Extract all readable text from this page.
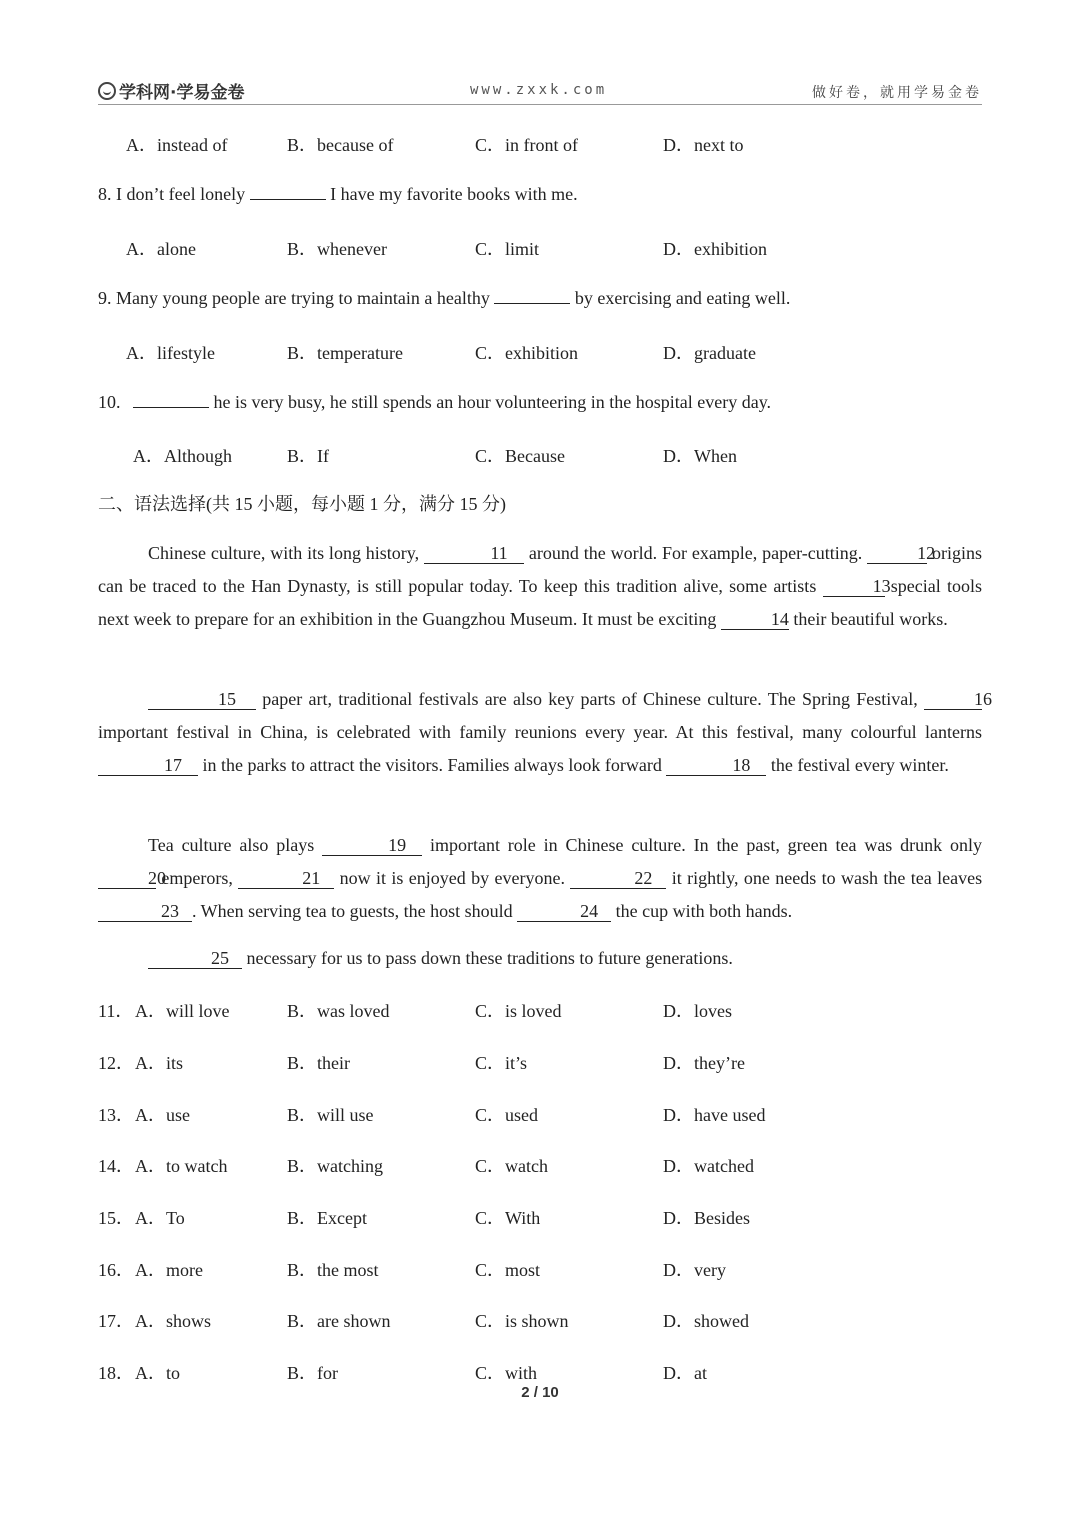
学科网·学易金卷	www.zxxk.com	做好卷，就用学易金卷
A．instead of	B．because of	C．in front of	D．next to
8. I don’t feel lonely	I have my favorite books with me.
A．alone	B．whenever	C．limit	D．exhibition
9. Many young people are trying to maintain a healthy	by exercising and eating well.
A．lifestyle	B．temperature	C．exhibition	D．graduate
10.	he is very busy, he still spends an hour volunteering in the hospital every day.
A．Although	B．If	C．Because	D．When
二、语法选择(共 15 小题，每小题 1 分，满分 15 分)
Chinese culture, with its long history,	11 around the world. For example, paper-cutting.	12 origins can be traced to the Han Dynasty, is still popular today. To keep this tradition alive, some artists	13 special tools next week to prepare for an exhibition in the Guangzhou Museum. It must be exciting	14 their beautiful works.
15 paper art, traditional festivals are also key parts of Chinese culture. The Spring Festival,	16 important festival in China, is celebrated with family reunions every year. At this festival, many colourful lanterns 17 in the parks to attract the visitors. Families always look forward	18 the festival every winter.
Tea culture also plays	19 important role in Chinese culture. In the past, green tea was drunk only 20 emperors,	21 now it is enjoyed by everyone.	22 it rightly, one needs to wash the tea leaves 23 . When serving tea to guests, the host should	24 the cup with both hands.
25 necessary for us to pass down these traditions to future generations.
11． A．will love	B．was loved	C．is loved	D．loves
12． A．its	B．their	C．it’s	D．they’re
13． A．use	B．will use	C．used	D．have used
14． A．to watch	B．watching	C．watch	D．watched
15． A．To	B．Except	C．With	D．Besides
16． A．more	B．the most	C．most	D．very
17． A．shows	B．are shown	C．is shown	D．showed
18． A．to	B．for	C．with	D．at
2 / 10
